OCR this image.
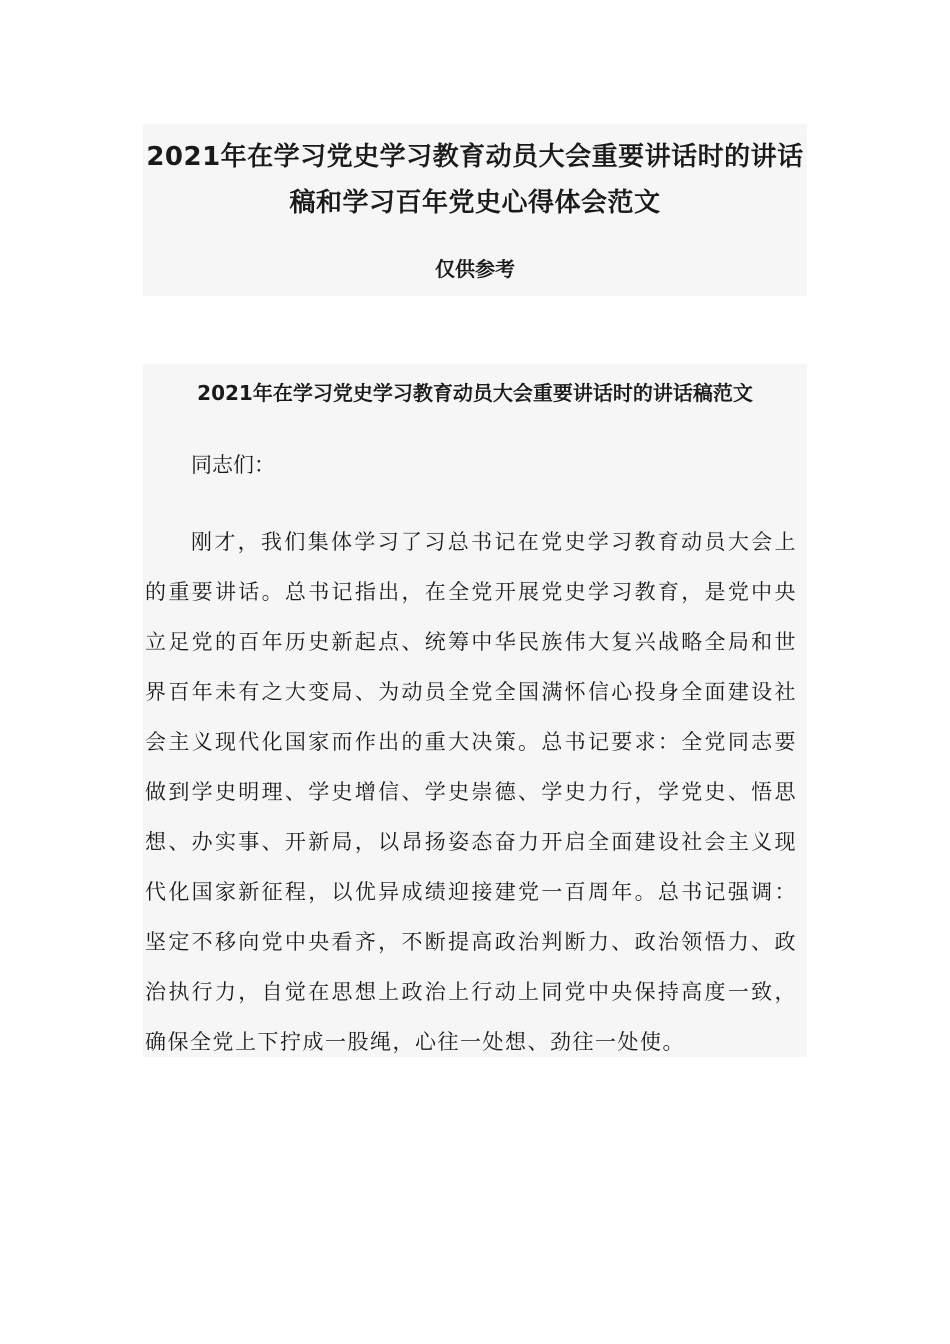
2021年在学习党史学习教育动员大会重要讲话时的讲话稿和学习百年党史心得体会范文
仅供参考
2021年在学习党史学习教育动员大会重要讲话时的讲话稿范文
同志们：

刚才，我们集体学习了习总书记在党史学习教育动员大会上的重要讲话。总书记指出，在全党开展党史学习教育，是党中央立足党的百年历史新起点、统筹中华民族伟大复兴战略全局和世界百年未有之大变局、为动员全党全国满怀信心投身全面建设社会主义现代化国家而作出的重大决策。总书记要求：全党同志要做到学史明理、学史增信、学史崇德、学史力行，学党史、悟思想、办实事、开新局，以昂扬姿态奋力开启全面建设社会主义现代化国家新征程，以优异成绩迎接建党一百周年。总书记强调：坚定不移向党中央看齐，不断提高政治判断力、政治领悟力、政治执行力，自觉在思想上政治上行动上同党中央保持高度一致，确保全党上下拧成一股绳，心往一处想、劲往一处使。
